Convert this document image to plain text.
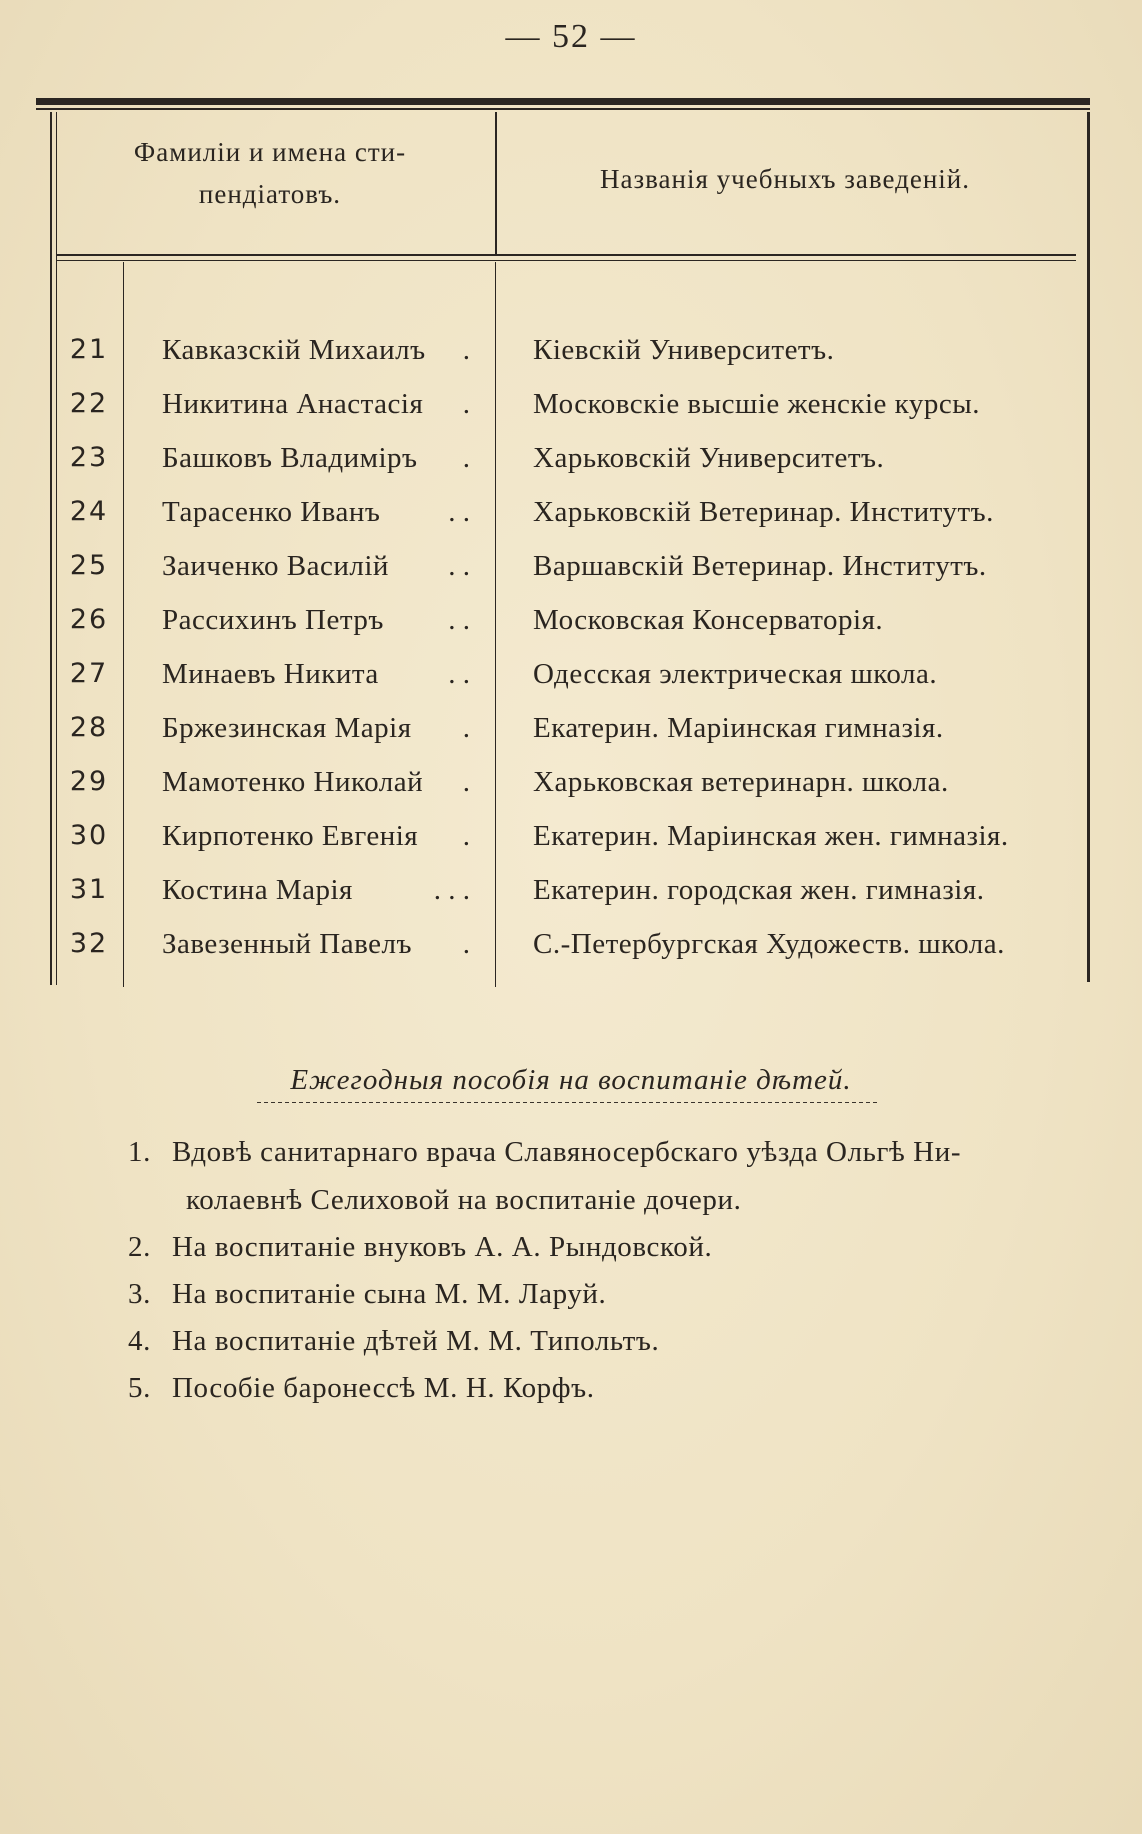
— 52 —
Фамиліи и имена сти-
пендіатовъ.	Названія учебныхъ заведеній.
21	Кавказскій Михаилъ	. Кіевскій Университетъ.
22	Никитина Анастасія	. Московскіе высшіе женскіе курсы.
23	Башковъ Владиміръ	. Харьковскій Университетъ.
24	Тарасенко Иванъ	. . Харьковскій Ветеринар. Институтъ.
25	Заиченко Василій	. . Варшавскій Ветеринар. Институтъ.
26	Рассихинъ Петръ	. . Московская Консерваторія.
27	Минаевъ Никита	. . Одесская электрическая школа.
28	Бржезинская Марія	. Екатерин. Маріинская гимназія.
29	Мамотенко Николай	. Харьковская ветеринарн. школа.
30	Кирпотенко Евгенія	. Екатерин. Маріинская жен. гимназія.
31	Костина Марія	. . . Екатерин. городская жен. гимназія.
32	Завезенный Павелъ	. С.-Петербургская Художеств. школа.
Ежегодныя пособія на воспитаніе дѣтей.
1. Вдовѣ санитарнаго врача Славяносербскаго уѣзда Ольгѣ Ни-
колаевнѣ Селиховой на воспитаніе дочери.
2. На воспитаніе внуковъ А. А. Рындовской.
3. На воспитаніе сына М. М. Ларуй.
4. На воспитаніе дѣтей М. М. Типольтъ.
5. Пособіе баронессѣ М. Н. Корфъ.
